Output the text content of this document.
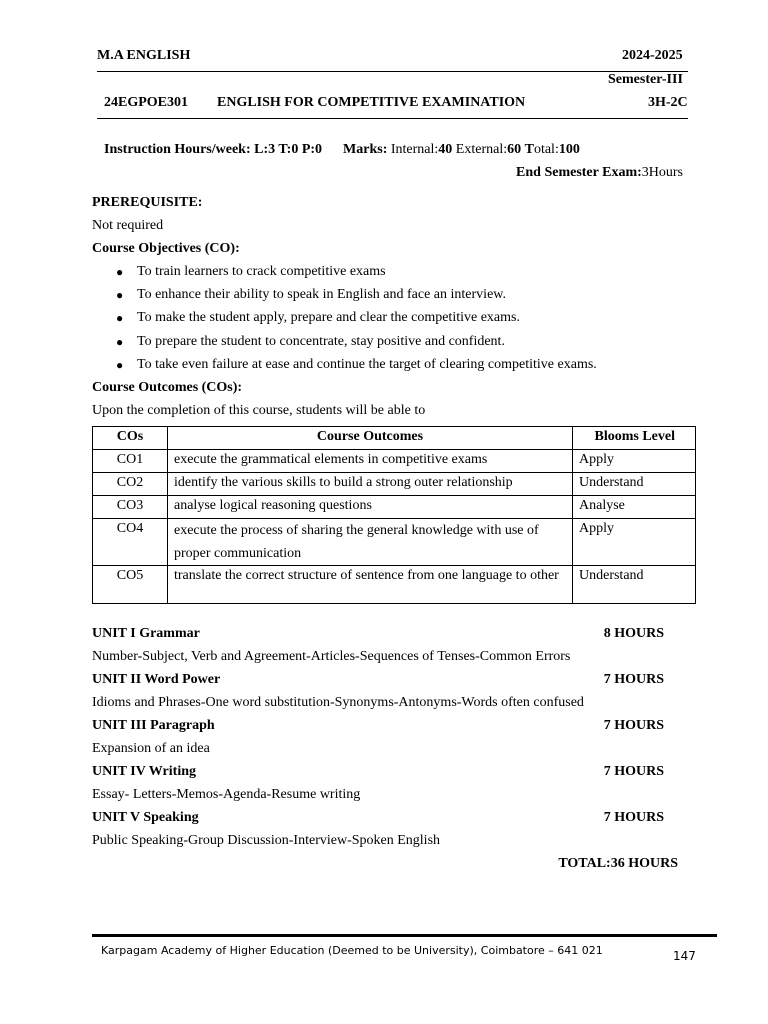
M.A ENGLISH	2024-2025
Semester-III
24EGPOE301 ENGLISH FOR COMPETITIVE EXAMINATION	3H-2C
Instruction Hours/week: L:3 T:0 P:0 Marks: Internal:40 External:60 Total:100
End Semester Exam:3Hours
PREREQUISITE:
Not required
Course Objectives (CO):
● To train learners to crack competitive exams
● To enhance their ability to speak in English and face an interview.
● To make the student apply, prepare and clear the competitive exams.
● To prepare the student to concentrate, stay positive and confident.
● To take even failure at ease and continue the target of clearing competitive exams.
Course Outcomes (COs):
Upon the completion of this course, students will be able to
COs	Course Outcomes	Blooms Level
CO1	execute the grammatical elements in competitive exams	Apply
CO2	identify the various skills to build a strong outer relationship	Understand
CO3	analyse logical reasoning questions	Analyse
CO4	execute the process of sharing the general knowledge with use of proper communication	Apply
CO5	translate the correct structure of sentence from one language to other	Understand
UNIT I Grammar	8 HOURS
Number-Subject, Verb and Agreement-Articles-Sequences of Tenses-Common Errors
UNIT II Word Power	7 HOURS
Idioms and Phrases-One word substitution-Synonyms-Antonyms-Words often confused
UNIT III Paragraph	7 HOURS
Expansion of an idea
UNIT IV Writing	7 HOURS
Essay- Letters-Memos-Agenda-Resume writing
UNIT V Speaking	7 HOURS
Public Speaking-Group Discussion-Interview-Spoken English
TOTAL:36 HOURS
Karpagam Academy of Higher Education (Deemed to be University), Coimbatore – 641 021	147
